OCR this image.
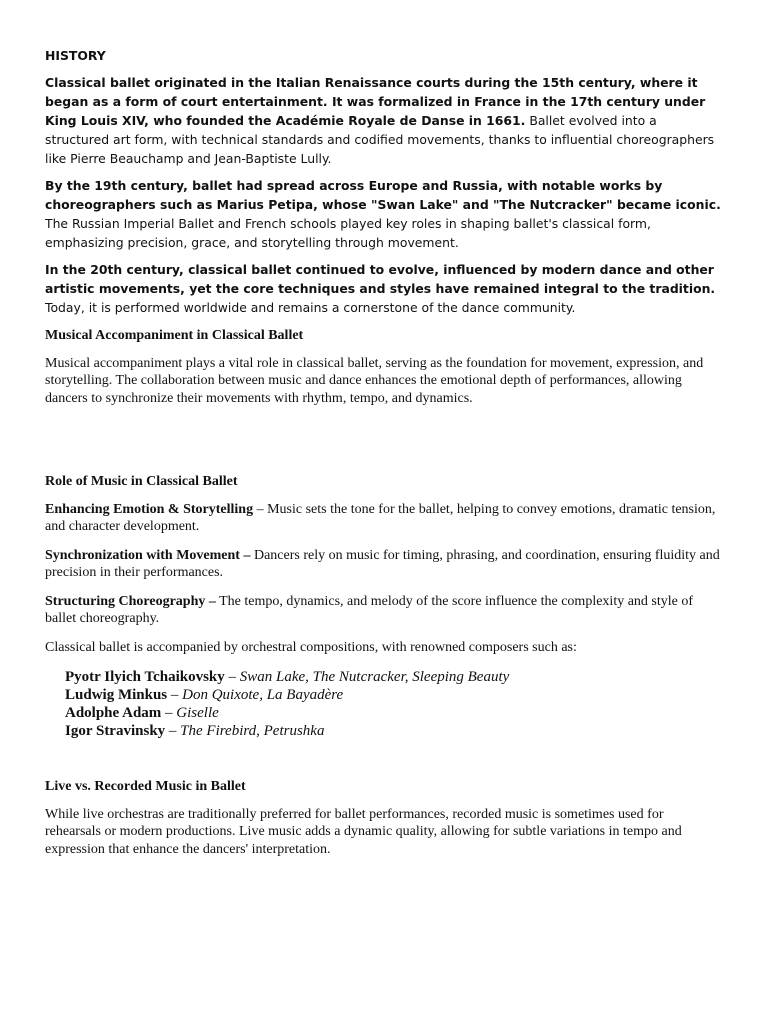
HISTORY

Classical ballet originated in the Italian Renaissance courts during the 15th century, where it began as a form of court entertainment. It was formalized in France in the 17th century under King Louis XIV, who founded the Académie Royale de Danse in 1661. Ballet evolved into a structured art form, with technical standards and codified movements, thanks to influential choreographers like Pierre Beauchamp and Jean-Baptiste Lully.

By the 19th century, ballet had spread across Europe and Russia, with notable works by choreographers such as Marius Petipa, whose "Swan Lake" and "The Nutcracker" became iconic. The Russian Imperial Ballet and French schools played key roles in shaping ballet's classical form, emphasizing precision, grace, and storytelling through movement.

In the 20th century, classical ballet continued to evolve, influenced by modern dance and other artistic movements, yet the core techniques and styles have remained integral to the tradition. Today, it is performed worldwide and remains a cornerstone of the dance community.

Musical Accompaniment in Classical Ballet

Musical accompaniment plays a vital role in classical ballet, serving as the foundation for movement, expression, and storytelling. The collaboration between music and dance enhances the emotional depth of performances, allowing dancers to synchronize their movements with rhythm, tempo, and dynamics.

Role of Music in Classical Ballet

Enhancing Emotion & Storytelling – Music sets the tone for the ballet, helping to convey emotions, dramatic tension, and character development.

Synchronization with Movement – Dancers rely on music for timing, phrasing, and coordination, ensuring fluidity and precision in their performances.

Structuring Choreography – The tempo, dynamics, and melody of the score influence the complexity and style of ballet choreography.

Classical ballet is accompanied by orchestral compositions, with renowned composers such as:

Pyotr Ilyich Tchaikovsky – Swan Lake, The Nutcracker, Sleeping Beauty
Ludwig Minkus – Don Quixote, La Bayadère
Adolphe Adam – Giselle
Igor Stravinsky – The Firebird, Petrushka

Live vs. Recorded Music in Ballet

While live orchestras are traditionally preferred for ballet performances, recorded music is sometimes used for rehearsals or modern productions. Live music adds a dynamic quality, allowing for subtle variations in tempo and expression that enhance the dancers' interpretation.
